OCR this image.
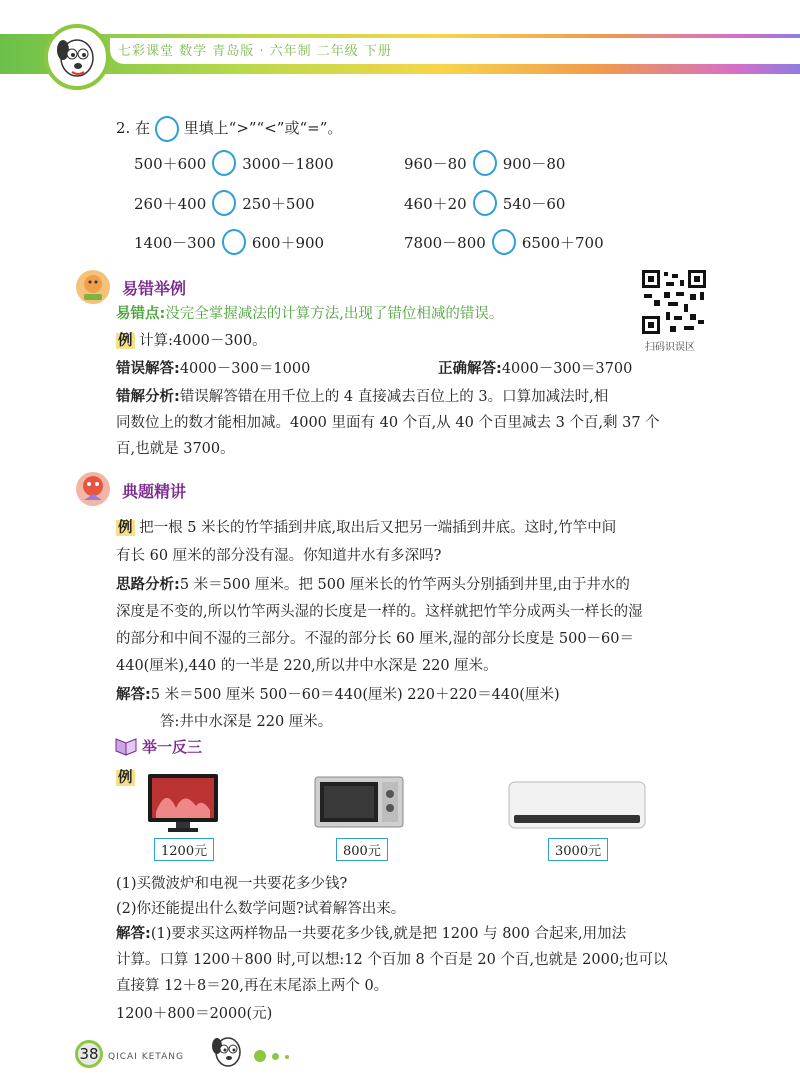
七彩课堂 数学 青岛版 · 六年制 二年级 下册
2. 在 里填上“>”“<”或“=”。
500＋600 3000－1800	960－80 900－80
260＋400 250＋500	460＋20 540－60
1400－300 600＋900	7800－800 6500＋700
易错举例
易错点:没完全掌握减法的计算方法,出现了错位相减的错误。
扫码识误区
例 计算:4000－300。
错误解答:4000－300＝1000	正确解答:4000－300＝3700
错解分析:错误解答错在用千位上的 4 直接减去百位上的 3。口算加减法时,相
同数位上的数才能相加减。4000 里面有 40 个百,从 40 个百里减去 3 个百,剩 37 个
百,也就是 3700。
典题精讲
例 把一根 5 米长的竹竿插到井底,取出后又把另一端插到井底。这时,竹竿中间
有长 60 厘米的部分没有湿。你知道井水有多深吗?
思路分析:5 米＝500 厘米。把 500 厘米长的竹竿两头分别插到井里,由于井水的
深度是不变的,所以竹竿两头湿的长度是一样的。这样就把竹竿分成两头一样长的湿
的部分和中间不湿的三部分。不湿的部分长 60 厘米,湿的部分长度是 500－60＝
440(厘米),440 的一半是 220,所以井中水深是 220 厘米。
解答:5 米＝500 厘米 500－60＝440(厘米) 220＋220＝440(厘米)
答:井中水深是 220 厘米。
举一反三
例
1200元	800元	3000元
(1)买微波炉和电视一共要花多少钱?
(2)你还能提出什么数学问题?试着解答出来。
解答:(1)要求买这两样物品一共要花多少钱,就是把 1200 与 800 合起来,用加法
计算。口算 1200＋800 时,可以想:12 个百加 8 个百是 20 个百,也就是 2000;也可以
直接算 12＋8＝20,再在末尾添上两个 0。
1200＋800＝2000(元)
38	QICAI KETANG
